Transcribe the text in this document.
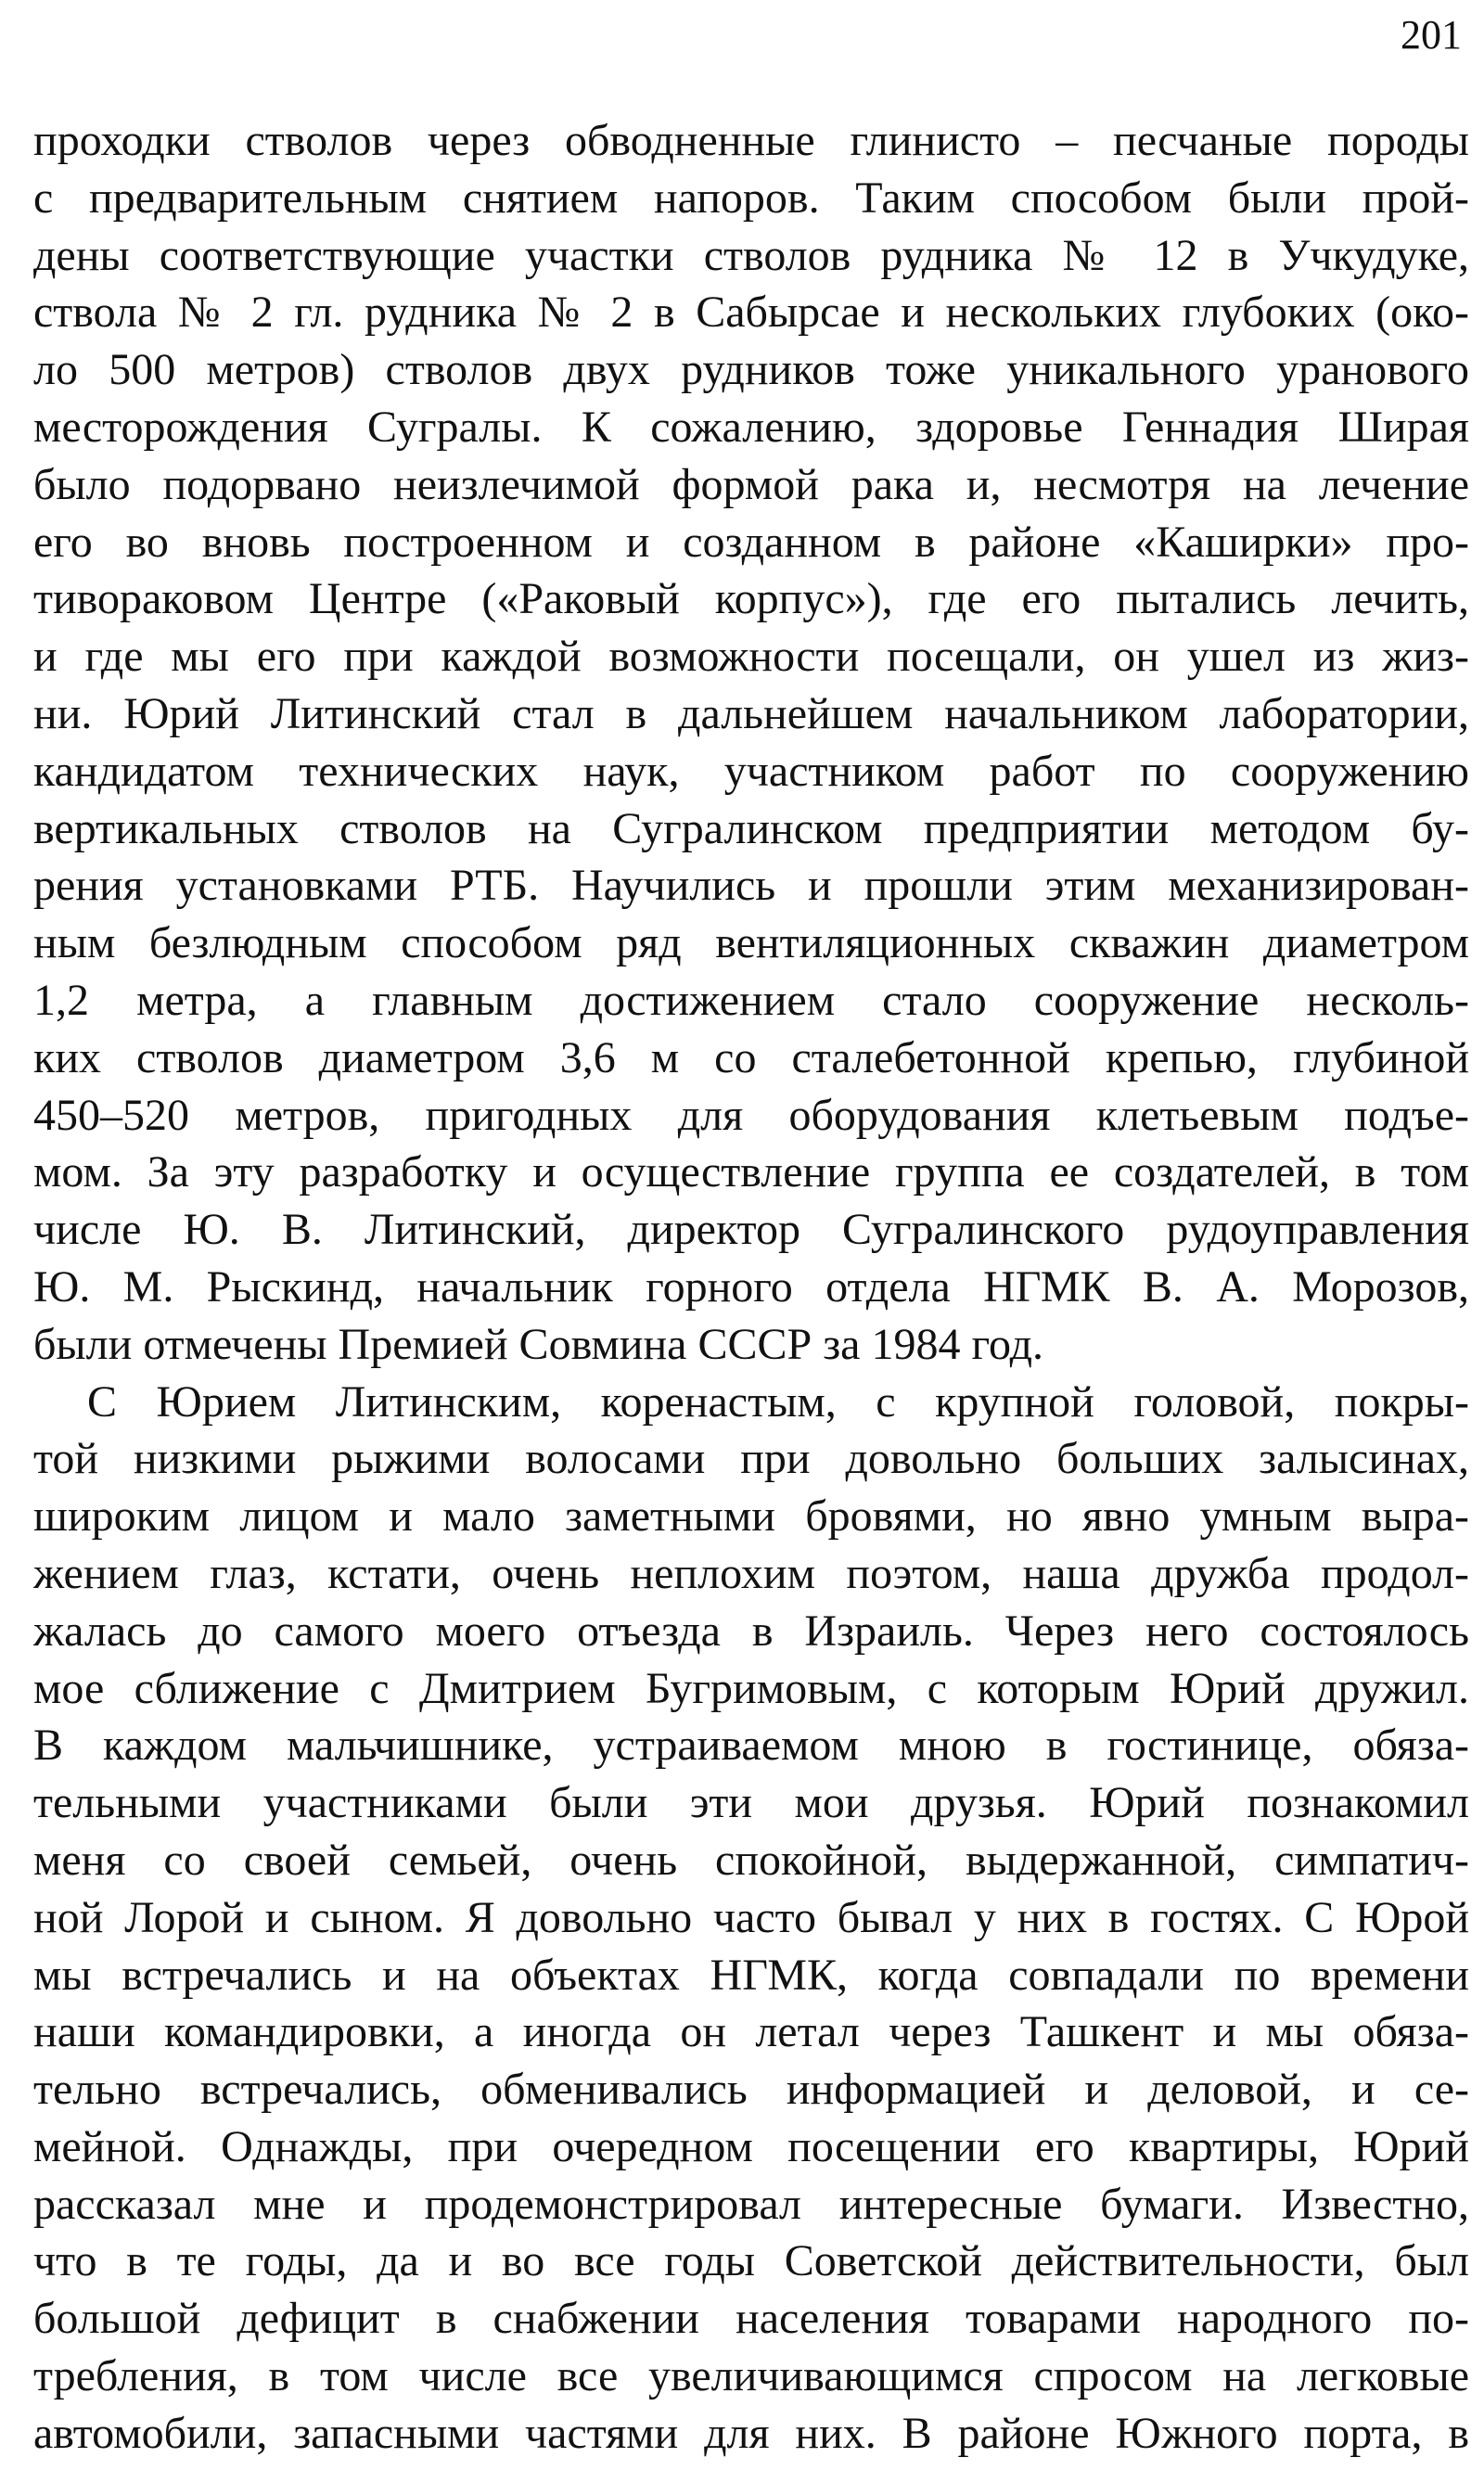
201
проходки стволов через обводненные глинисто – песчаные породы
с предварительным снятием напоров. Таким способом были прой-
дены соответствующие участки стволов рудника № 12 в Учкудуке,
ствола № 2 гл. рудника № 2 в Сабырсае и нескольких глубоких (око-
ло 500 метров) стволов двух рудников тоже уникального уранового
месторождения Сугралы. К сожалению, здоровье Геннадия Ширая
было подорвано неизлечимой формой рака и, несмотря на лечение
его во вновь построенном и созданном в районе «Каширки» про-
тивораковом Центре («Раковый корпус»), где его пытались лечить,
и где мы его при каждой возможности посещали, он ушел из жиз-
ни. Юрий Литинский стал в дальнейшем начальником лаборатории,
кандидатом технических наук, участником работ по сооружению
вертикальных стволов на Сугралинском предприятии методом бу-
рения установками РТБ. Научились и прошли этим механизирован-
ным безлюдным способом ряд вентиляционных скважин диаметром
1,2 метра, а главным достижением стало сооружение несколь-
ких стволов диаметром 3,6 м со сталебетонной крепью, глубиной
450–520 метров, пригодных для оборудования клетьевым подъе-
мом. За эту разработку и осуществление группа ее создателей, в том
числе Ю. В. Литинский, директор Сугралинского рудоуправления
Ю. М. Рыскинд, начальник горного отдела НГМК В. А. Морозов,
были отмечены Премией Совмина СССР за 1984 год.
С Юрием Литинским, коренастым, с крупной головой, покры-
той низкими рыжими волосами при довольно больших залысинах,
широким лицом и мало заметными бровями, но явно умным выра-
жением глаз, кстати, очень неплохим поэтом, наша дружба продол-
жалась до самого моего отъезда в Израиль. Через него состоялось
мое сближение с Дмитрием Бугримовым, с которым Юрий дружил.
В каждом мальчишнике, устраиваемом мною в гостинице, обяза-
тельными участниками были эти мои друзья. Юрий познакомил
меня со своей семьей, очень спокойной, выдержанной, симпатич-
ной Лорой и сыном. Я довольно часто бывал у них в гостях. С Юрой
мы встречались и на объектах НГМК, когда совпадали по времени
наши командировки, а иногда он летал через Ташкент и мы обяза-
тельно встречались, обменивались информацией и деловой, и се-
мейной. Однажды, при очередном посещении его квартиры, Юрий
рассказал мне и продемонстрировал интересные бумаги. Известно,
что в те годы, да и во все годы Советской действительности, был
большой дефицит в снабжении населения товарами народного по-
требления, в том числе все увеличивающимся спросом на легковые
автомобили, запасными частями для них. В районе Южного порта, в
